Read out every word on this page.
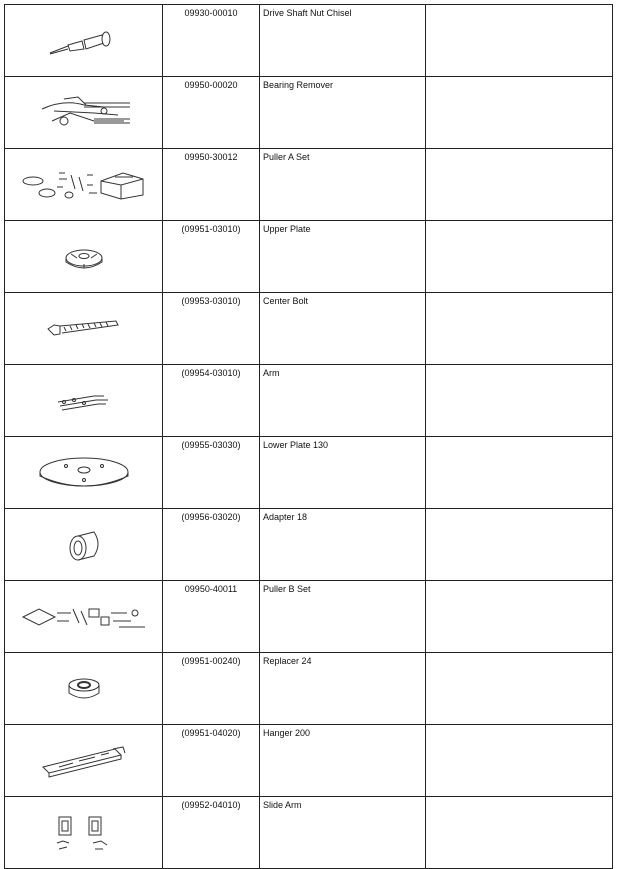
	09930-00010	Drive Shaft Nut Chisel	

	09950-00020	Bearing Remover	

	09950-30012	Puller A Set	

	(09951-03010)	Upper Plate	

	(09953-03010)	Center Bolt	

	(09954-03010)	Arm	

	(09955-03030)	Lower Plate 130	

	(09956-03020)	Adapter 18	

	09950-40011	Puller B Set	

	(09951-00240)	Replacer 24	

	(09951-04020)	Hanger 200	

	(09952-04010)	Slide Arm	
